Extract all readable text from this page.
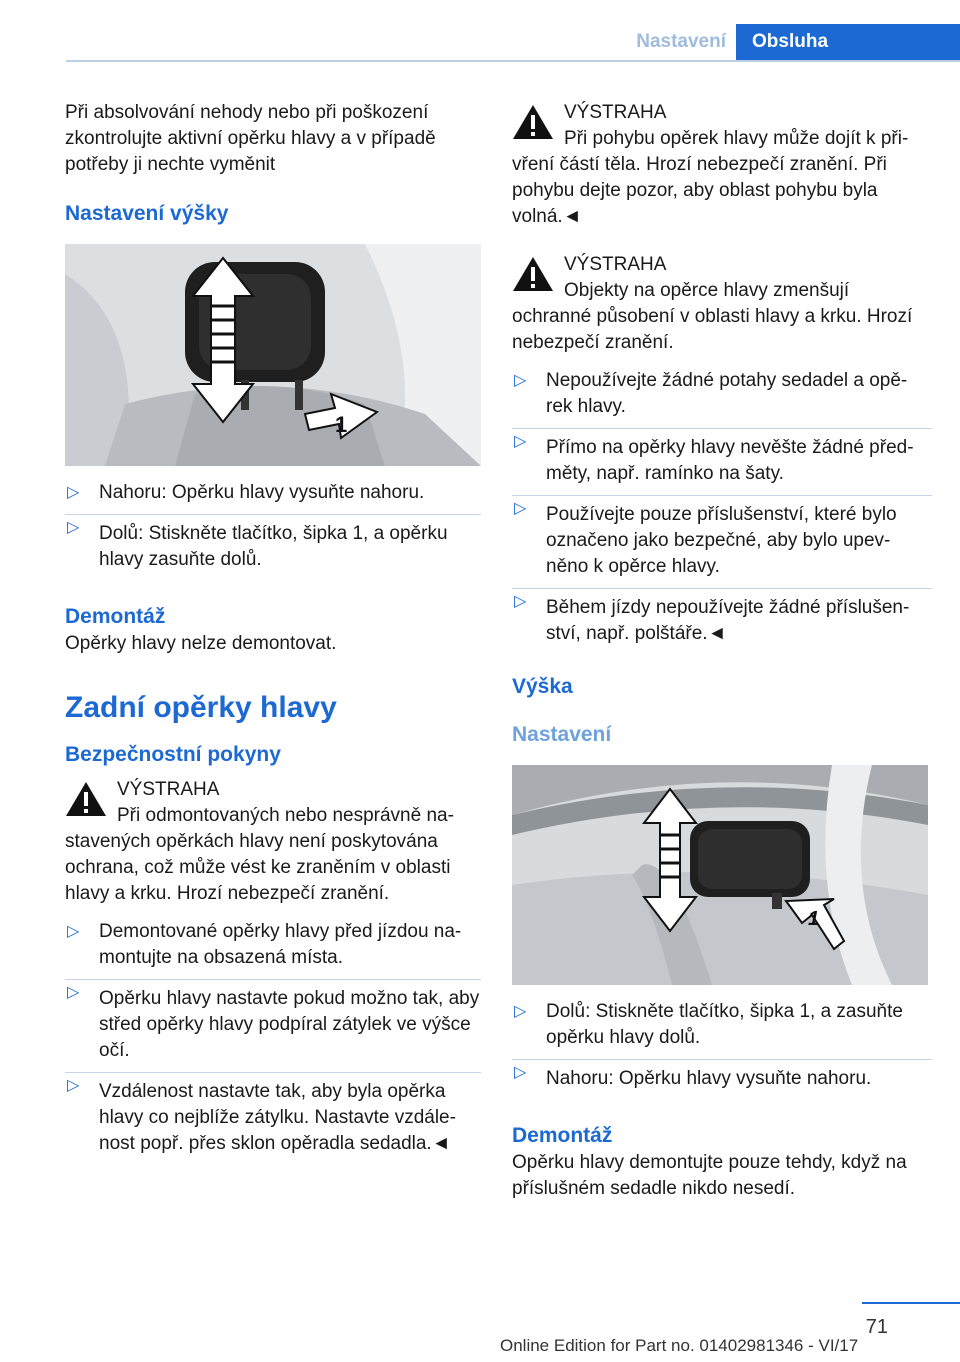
Nastavení	Obsluha

Při absolvování nehody nebo při poškození zkontrolujte aktivní opěrku hlavy a v případě potřeby ji nechte vyměnit

Nastavení výšky
1
▷ Nahoru: Opěrku hlavy vysuňte nahoru.
▷ Dolů: Stiskněte tlačítko, šipka 1, a opěrku hlavy zasuňte dolů.
Demontáž

Opěrky hlavy nelze demontovat.

Zadní opěrky hlavy
Bezpečnostní pokyny

VÝSTRAHA

Při odmontovaných nebo nesprávně na- stavených opěrkách hlavy není poskytována ochrana, což může vést ke zraněním v oblasti hlavy a krku. Hrozí nebezpečí zranění.

▷ Demontované opěrky hlavy před jízdou na- montujte na obsazená místa.
▷ Opěrku hlavy nastavte pokud možno tak, aby střed opěrky hlavy podpíral zátylek ve výšce očí.
▷ Vzdálenost nastavte tak, aby byla opěrka hlavy co nejblíže zátylku. Nastavte vzdále- nost popř. přes sklon opěradla sedadla.◄

VÝSTRAHA

Při pohybu opěrek hlavy může dojít k při- vření částí těla. Hrozí nebezpečí zranění. Při pohybu dejte pozor, aby oblast pohybu byla volná.◄

VÝSTRAHA

Objekty na opěrce hlavy zmenšují ochranné působení v oblasti hlavy a krku. Hrozí nebezpečí zranění.

▷ Nepoužívejte žádné potahy sedadel a opě- rek hlavy.
▷ Přímo na opěrky hlavy nevěšte žádné před- měty, např. ramínko na šaty.
▷ Používejte pouze příslušenství, které bylo označeno jako bezpečné, aby bylo upev- něno k opěrce hlavy.
▷ Během jízdy nepoužívejte žádné příslušen- ství, např. polštáře.◄
Výška
Nastavení
1
▷ Dolů: Stiskněte tlačítko, šipka 1, a zasuňte opěrku hlavy dolů.
▷ Nahoru: Opěrku hlavy vysuňte nahoru.
Demontáž

Opěrku hlavy demontujte pouze tehdy, když na příslušném sedadle nikdo nesedí.

71
Online Edition for Part no. 01402981346 - VI/17
